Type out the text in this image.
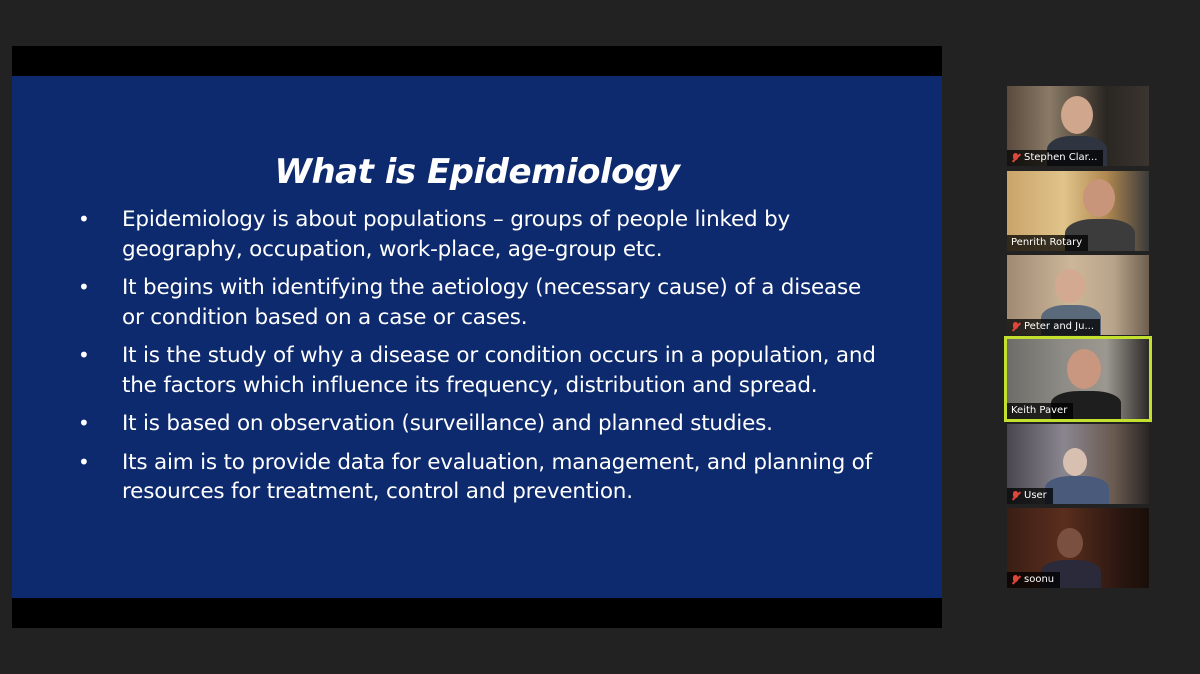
What is Epidemiology
• Epidemiology is about populations – groups of people linked by geography, occupation, work-place, age-group etc.
• It begins with identifying the aetiology (necessary cause) of a disease or condition based on a case or cases.
• It is the study of why a disease or condition occurs in a population, and the factors which influence its frequency, distribution and spread.
• It is based on observation (surveillance) and planned studies.
• Its aim is to provide data for evaluation, management, and planning of resources for treatment, control and prevention.
Stephen Clar...
Penrith Rotary
Peter and Ju...
Keith Paver
User
soonu
